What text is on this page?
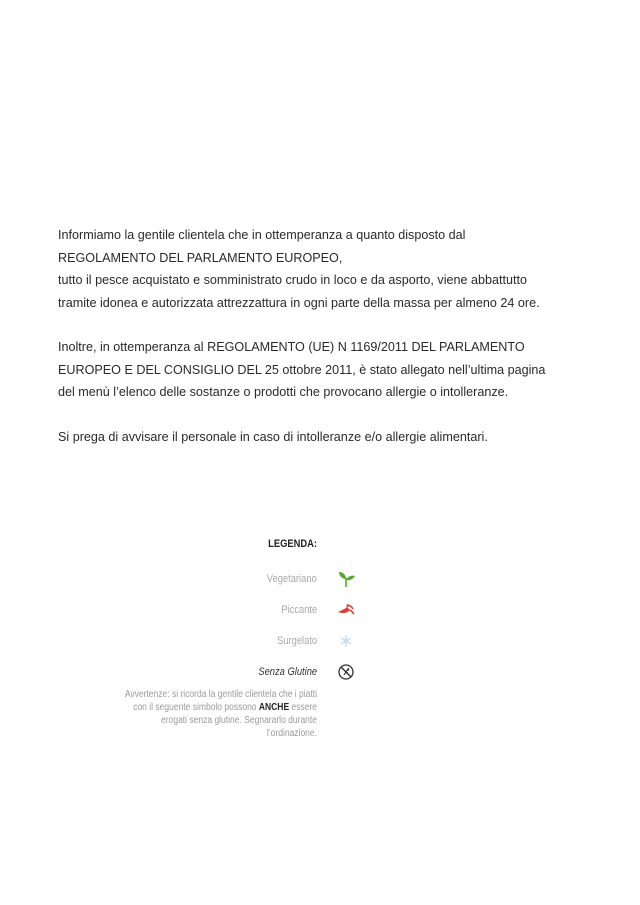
Informiamo la gentile clientela che in ottemperanza a quanto disposto dal

REGOLAMENTO DEL PARLAMENTO EUROPEO,

tutto il pesce acquistato e somministrato crudo in loco e da asporto, viene abbattutto

tramite idonea e autorizzata attrezzattura in ogni parte della massa per almeno 24 ore.

Inoltre, in ottemperanza al REGOLAMENTO (UE) N 1169/2011 DEL PARLAMENTO

EUROPEO E DEL CONSIGLIO DEL 25 ottobre 2011, è stato allegato nell’ultima pagina

del menù l’elenco delle sostanze o prodotti che provocano allergie o intolleranze.

Si prega di avvisare il personale in caso di intolleranze e/o allergie alimentari.

LEGENDA:
Vegetariano
Piccante
Surgelato
Senza Glutine
Avvertenze: si ricorda la gentile clientela che i piatti con il seguente simbolo possono ANCHE essere erogati senza glutine. Segnararlo durante l’ordinazione.
